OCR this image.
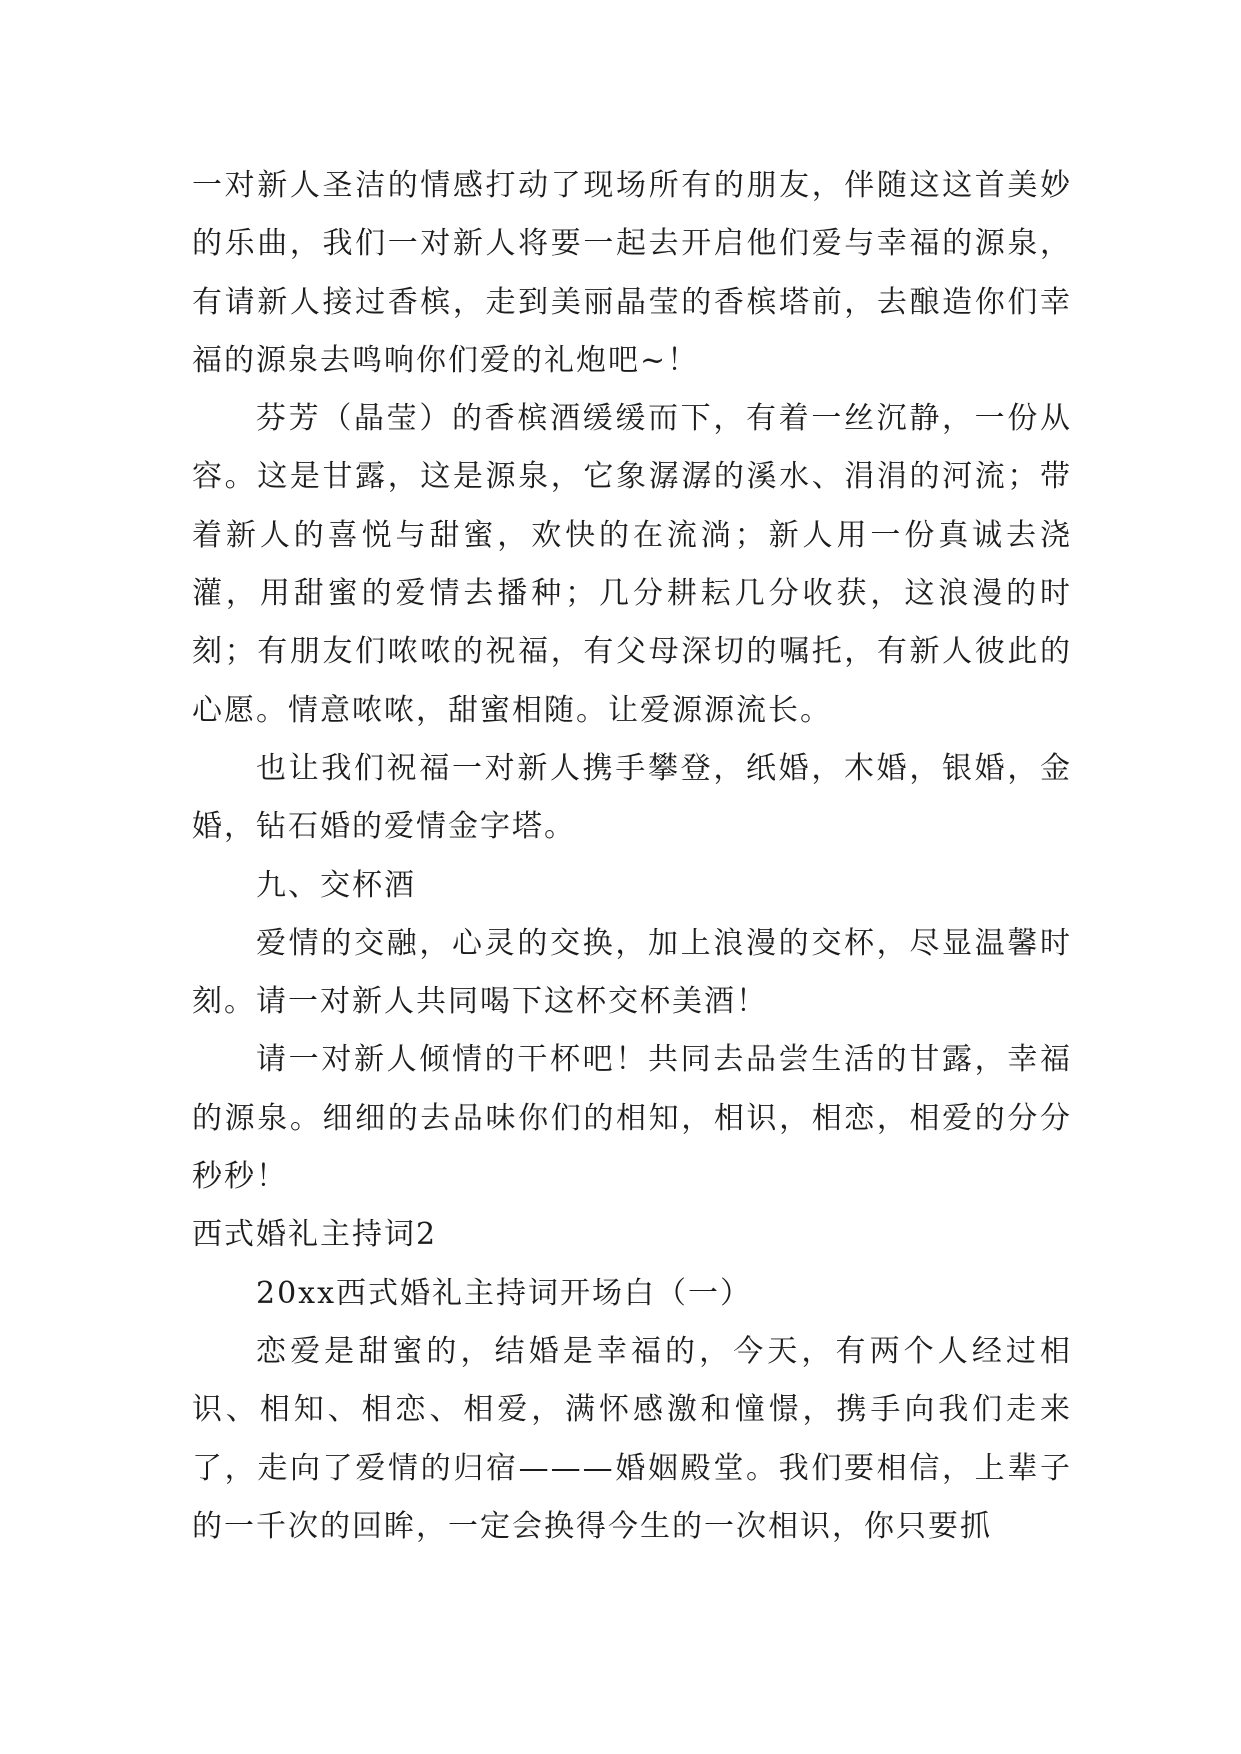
一对新人圣洁的情感打动了现场所有的朋友，伴随这这首美妙的乐曲，我们一对新人将要一起去开启他们爱与幸福的源泉，有请新人接过香槟，走到美丽晶莹的香槟塔前，去酿造你们幸福的源泉去鸣响你们爱的礼炮吧~！

芬芳（晶莹）的香槟酒缓缓而下，有着一丝沉静，一份从容。这是甘露，这是源泉，它象潺潺的溪水、涓涓的河流；带着新人的喜悦与甜蜜，欢快的在流淌；新人用一份真诚去浇灌，用甜蜜的爱情去播种；几分耕耘几分收获，这浪漫的时刻；有朋友们哝哝的祝福，有父母深切的嘱托，有新人彼此的心愿。情意哝哝，甜蜜相随。让爱源源流长。

也让我们祝福一对新人携手攀登，纸婚，木婚，银婚，金婚，钻石婚的爱情金字塔。

九、交杯酒

爱情的交融，心灵的交换，加上浪漫的交杯，尽显温馨时刻。请一对新人共同喝下这杯交杯美酒！

请一对新人倾情的干杯吧！共同去品尝生活的甘露，幸福的源泉。细细的去品味你们的相知，相识，相恋，相爱的分分秒秒！

西式婚礼主持词2

20xx西式婚礼主持词开场白（一）

恋爱是甜蜜的，结婚是幸福的，今天，有两个人经过相识、相知、相恋、相爱，满怀感激和憧憬，携手向我们走来了，走向了爱情的归宿———婚姻殿堂。我们要相信，上辈子的一千次的回眸，一定会换得今生的一次相识，你只要抓
